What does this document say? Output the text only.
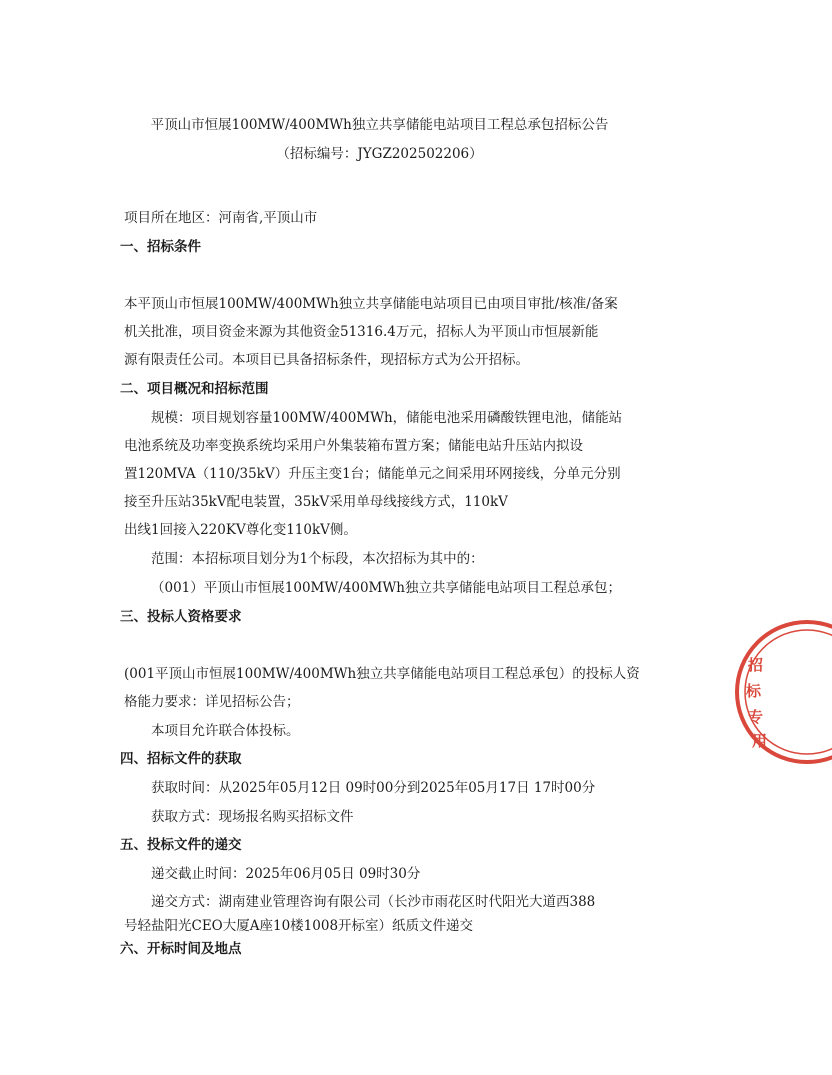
平顶山市恒展100MW/400MWh独立共享储能电站项目工程总承包招标公告
（招标编号：JYGZ202502206）
项目所在地区：河南省,平顶山市
一、招标条件
本平顶山市恒展100MW/400MWh独立共享储能电站项目已由项目审批/核准/备案
机关批准，项目资金来源为其他资金51316.4万元，招标人为平顶山市恒展新能
源有限责任公司。本项目已具备招标条件，现招标方式为公开招标。
二、项目概况和招标范围
规模：项目规划容量100MW/400MWh，储能电池采用磷酸铁锂电池，储能站
电池系统及功率变换系统均采用户外集装箱布置方案；储能电站升压站内拟设
置120MVA（110/35kV）升压主变1台；储能单元之间采用环网接线，分单元分别
接至升压站35kV配电装置，35kV采用单母线接线方式，110kV
出线1回接入220KV尊化变110kV侧。
范围：本招标项目划分为1个标段，本次招标为其中的：
（001）平顶山市恒展100MW/400MWh独立共享储能电站项目工程总承包；
三、投标人资格要求
(001平顶山市恒展100MW/400MWh独立共享储能电站项目工程总承包）的投标人资
格能力要求：详见招标公告；
本项目允许联合体投标。
四、招标文件的获取
获取时间：从2025年05月12日 09时00分到2025年05月17日 17时00分
获取方式：现场报名购买招标文件
五、投标文件的递交
递交截止时间：2025年06月05日 09时30分
递交方式：湖南建业管理咨询有限公司（长沙市雨花区时代阳光大道西388
号轻盐阳光CEO大厦A座10楼1008开标室）纸质文件递交
六、开标时间及地点
招
标
专
用
